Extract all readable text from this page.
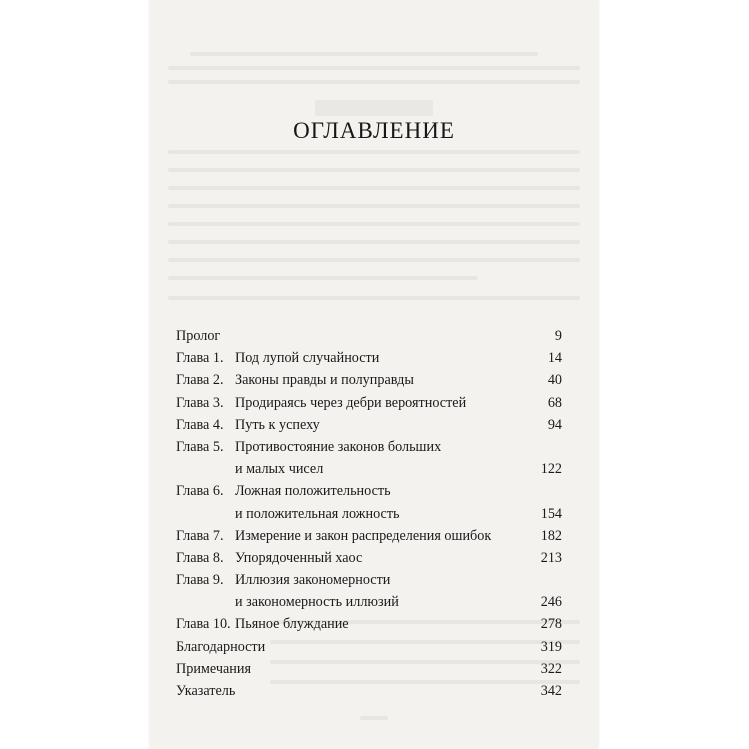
ОГЛАВЛЕНИЕ
Пролог	9
Глава 1. Под лупой случайности	14
Глава 2. Законы правды и полуправды	40
Глава 3. Продираясь через дебри вероятностей	68
Глава 4. Путь к успеху	94
Глава 5. Противостояние законов больших
и малых чисел	122
Глава 6. Ложная положительность
и положительная ложность	154
Глава 7. Измерение и закон распределения ошибок	182
Глава 8. Упорядоченный хаос	213
Глава 9. Иллюзия закономерности
и закономерность иллюзий	246
Глава 10. Пьяное блуждание	278
Благодарности	319
Примечания	322
Указатель	342
